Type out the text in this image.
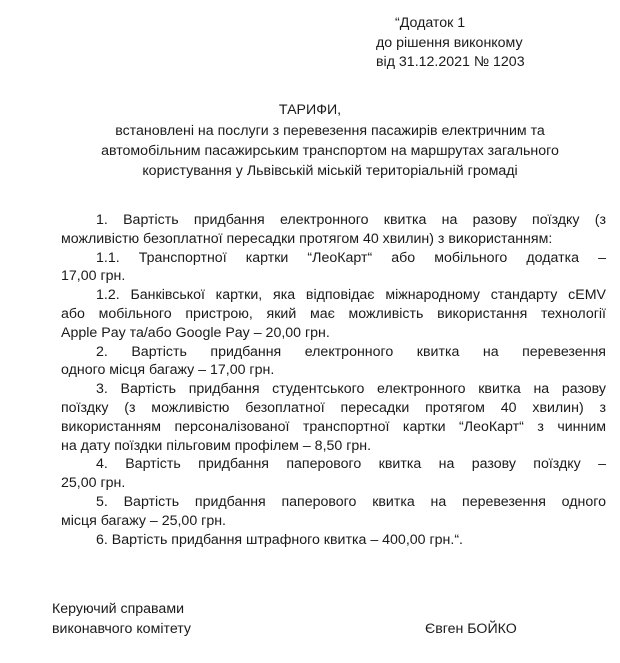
“Додаток 1
до рішення виконкому
від 31.12.2021 № 1203
ТАРИФИ,
встановлені на послуги з перевезення пасажирів електричним та
автомобільним пасажирським транспортом на маршрутах загального
користування у Львівській міській територіальній громаді

1. Вартість придбання електронного квитка на разову поїздку (з
можливістю безоплатної пересадки протягом 40 хвилин) з використанням:

1.1. Транспортної картки “ЛеоКарт“ або мобільного додатка –
17,00 грн.

1.2. Банківської картки, яка відповідає міжнародному стандарту cEMV
або мобільного пристрою, який має можливість використання технології
Apple Pay та/або Google Pay – 20,00 грн.

2. Вартість придбання електронного квитка на перевезення
одного місця багажу – 17,00 грн.

3. Вартість придбання студентського електронного квитка на разову
поїздку (з можливістю безоплатної пересадки протягом 40 хвилин) з
використанням персоналізованої транспортної картки “ЛеоКарт“ з чинним
на дату поїздки пільговим профілем – 8,50 грн.

4. Вартість придбання паперового квитка на разову поїздку –
25,00 грн.

5. Вартість придбання паперового квитка на перевезення одного
місця багажу – 25,00 грн.

6. Вартість придбання штрафного квитка – 400,00 грн.“.

Керуючий справами
виконавчого комітету	Євген БОЙКО
